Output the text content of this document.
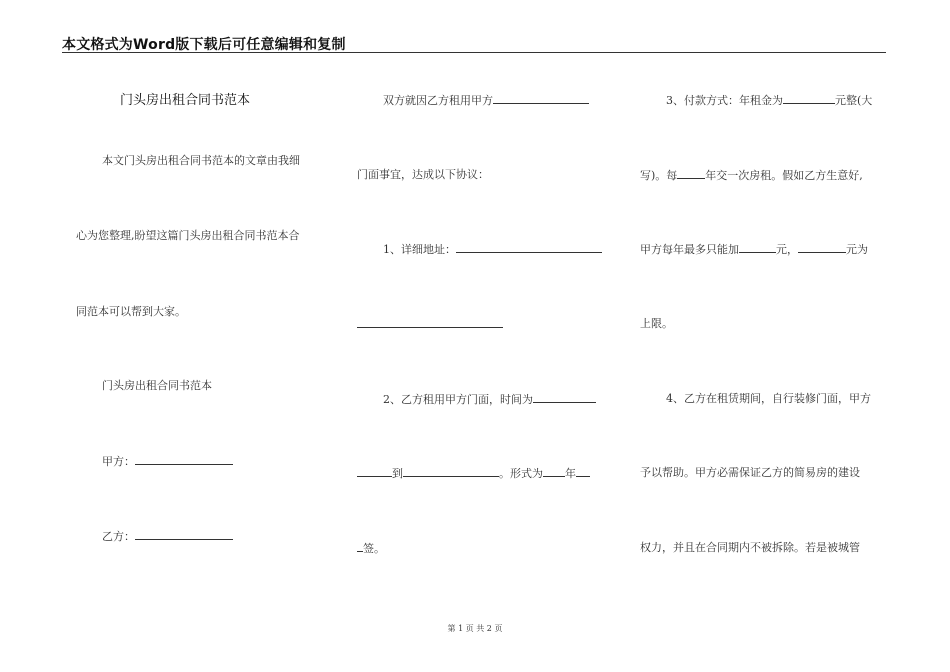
本文格式为Word版下载后可任意编辑和复制
门头房出租合同书范本
本文门头房出租合同书范本的文章由我细
心为您整理,盼望这篇门头房出租合同书范本合
同范本可以帮到大家。
门头房出租合同书范本
甲方：
乙方：
双方就因乙方租用甲方
门面事宜，达成以下协议：
1、详细地址：
2、乙方租用甲方门面，时间为
到	。形式为 年
签。
3、付款方式：年租金为	元整(大
写)。每	年交一次房租。假如乙方生意好,
甲方每年最多只能加	元，	元为
上限。
4、乙方在租赁期间，自行装修门面，甲方
予以帮助。甲方必需保证乙方的简易房的建设
权力，并且在合同期内不被拆除。若是被城管
第 1 页 共 2 页
